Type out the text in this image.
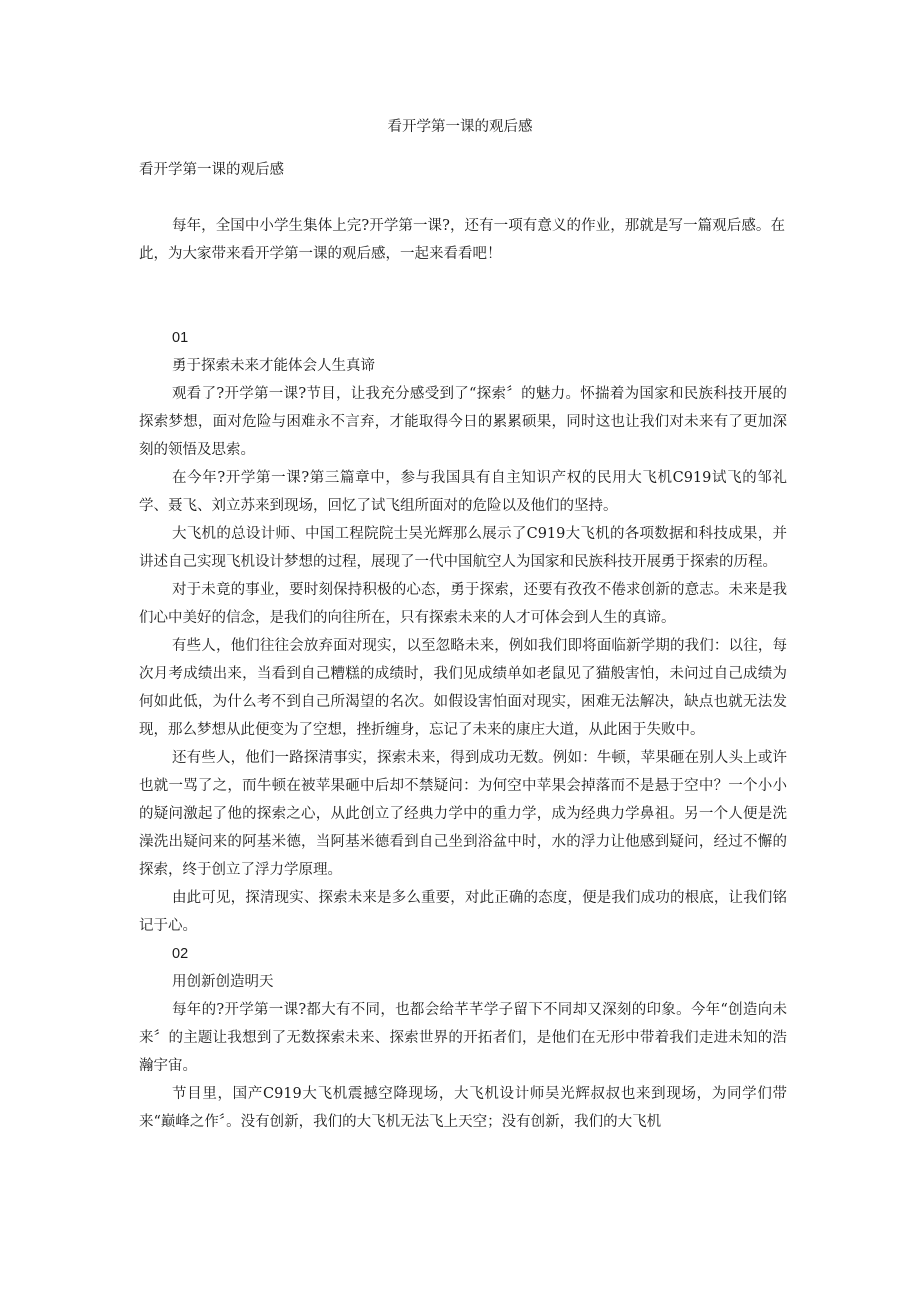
看开学第一课的观后感
看开学第一课的观后感

每年，全国中小学生集体上完?开学第一课?，还有一项有意义的作业，那就是写一篇观后感。在此，为大家带来看开学第一课的观后感，一起来看看吧！

01

勇于探索未来才能体会人生真谛

观看了?开学第一课?节目，让我充分感受到了“探索〞的魅力。怀揣着为国家和民族科技开展的探索梦想，面对危险与困难永不言弃，才能取得今日的累累硕果，同时这也让我们对未来有了更加深刻的领悟及思索。

在今年?开学第一课?第三篇章中，参与我国具有自主知识产权的民用大飞机C919试飞的邹礼学、聂飞、刘立苏来到现场，回忆了试飞组所面对的危险以及他们的坚持。

大飞机的总设计师、中国工程院院士吴光辉那么展示了C919大飞机的各项数据和科技成果，并讲述自己实现飞机设计梦想的过程，展现了一代中国航空人为国家和民族科技开展勇于探索的历程。

对于未竟的事业，要时刻保持积极的心态，勇于探索，还要有孜孜不倦求创新的意志。未来是我们心中美好的信念，是我们的向往所在，只有探索未来的人才可体会到人生的真谛。

有些人，他们往往会放弃面对现实，以至忽略未来，例如我们即将面临新学期的我们：以往，每次月考成绩出来，当看到自己糟糕的成绩时，我们见成绩单如老鼠见了猫般害怕，未问过自己成绩为何如此低，为什么考不到自己所渴望的名次。如假设害怕面对现实，困难无法解决，缺点也就无法发现，那么梦想从此便变为了空想，挫折缠身，忘记了未来的康庄大道，从此困于失败中。

还有些人，他们一路探清事实，探索未来，得到成功无数。例如：牛顿，苹果砸在别人头上或许也就一骂了之，而牛顿在被苹果砸中后却不禁疑问：为何空中苹果会掉落而不是悬于空中？一个小小的疑问激起了他的探索之心，从此创立了经典力学中的重力学，成为经典力学鼻祖。另一个人便是洗澡洗出疑问来的阿基米德，当阿基米德看到自己坐到浴盆中时，水的浮力让他感到疑问，经过不懈的探索，终于创立了浮力学原理。

由此可见，探清现实、探索未来是多么重要，对此正确的态度，便是我们成功的根底，让我们铭记于心。

02

用创新创造明天

每年的?开学第一课?都大有不同，也都会给芊芊学子留下不同却又深刻的印象。今年“创造向未来〞的主题让我想到了无数探索未来、探索世界的开拓者们，是他们在无形中带着我们走进未知的浩瀚宇宙。

节目里，国产C919大飞机震撼空降现场，大飞机设计师吴光辉叔叔也来到现场，为同学们带来“巅峰之作〞。没有创新，我们的大飞机无法飞上天空；没有创新，我们的大飞机
